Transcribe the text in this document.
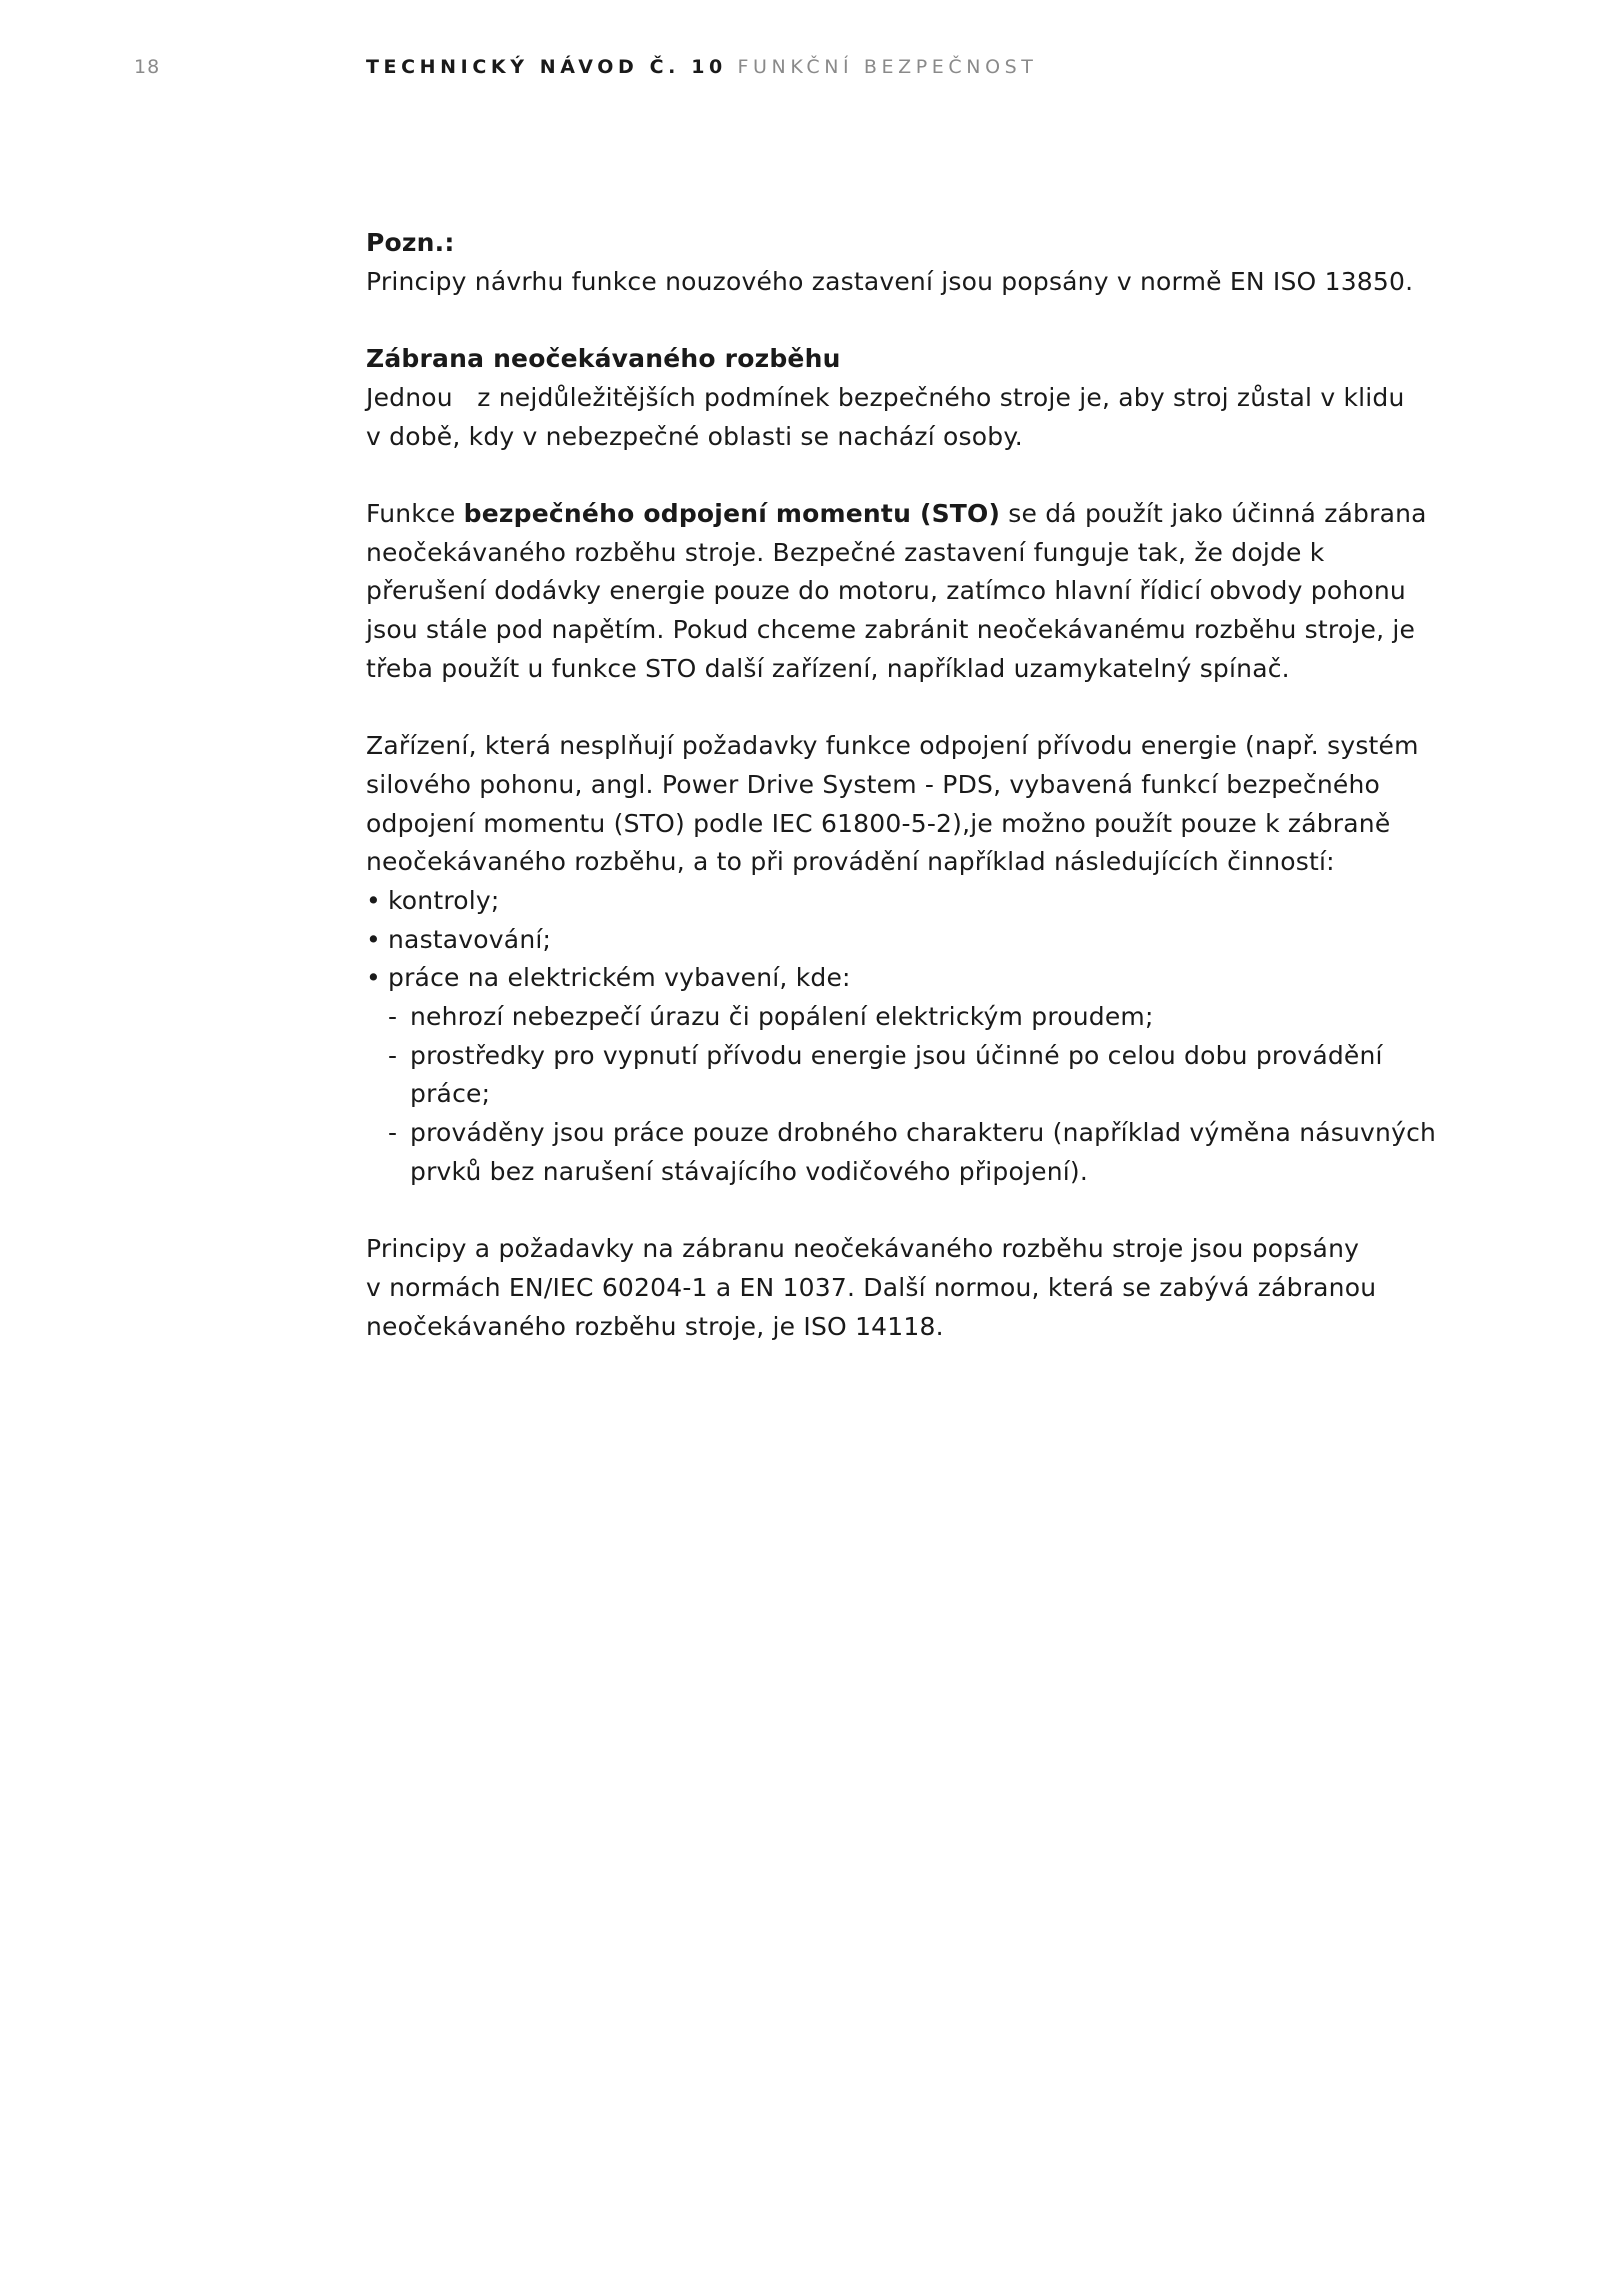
18	TECHNICKÝ NÁVOD Č. 10 FUNKČNÍ BEZPEČNOST

Pozn.:

Principy návrhu funkce nouzového zastavení jsou popsány v normě EN ISO 13850.

Zábrana neočekávaného rozběhu

Jednou   z nejdůležitějších podmínek bezpečného stroje je, aby stroj zůstal v klidu
v době, kdy v nebezpečné oblasti se nachází osoby.

Funkce bezpečného odpojení momentu (STO) se dá použít jako účinná zábrana
neočekávaného rozběhu stroje. Bezpečné zastavení funguje tak, že dojde k
přerušení dodávky energie pouze do motoru, zatímco hlavní řídicí obvody pohonu
jsou stále pod napětím. Pokud chceme zabránit neočekávanému rozběhu stroje, je
třeba použít u funkce STO další zařízení, například uzamykatelný spínač.

Zařízení, která nesplňují požadavky funkce odpojení přívodu energie (např. systém
silového pohonu, angl. Power Drive System - PDS, vybavená funkcí bezpečného
odpojení momentu (STO) podle IEC 61800-5-2),je možno použít pouze k zábraně
neočekávaného rozběhu, a to při provádění například následujících činností:

• kontroly;
• nastavování;
• práce na elektrickém vybavení, kde:
- nehrozí nebezpečí úrazu či popálení elektrickým proudem;
- prostředky pro vypnutí přívodu energie jsou účinné po celou dobu provádění
práce;
- prováděny jsou práce pouze drobného charakteru (například výměna násuvných
prvků bez narušení stávajícího vodičového připojení).

Principy a požadavky na zábranu neočekávaného rozběhu stroje jsou popsány
v normách EN/IEC 60204-1 a EN 1037. Další normou, která se zabývá zábranou
neočekávaného rozběhu stroje, je ISO 14118.
